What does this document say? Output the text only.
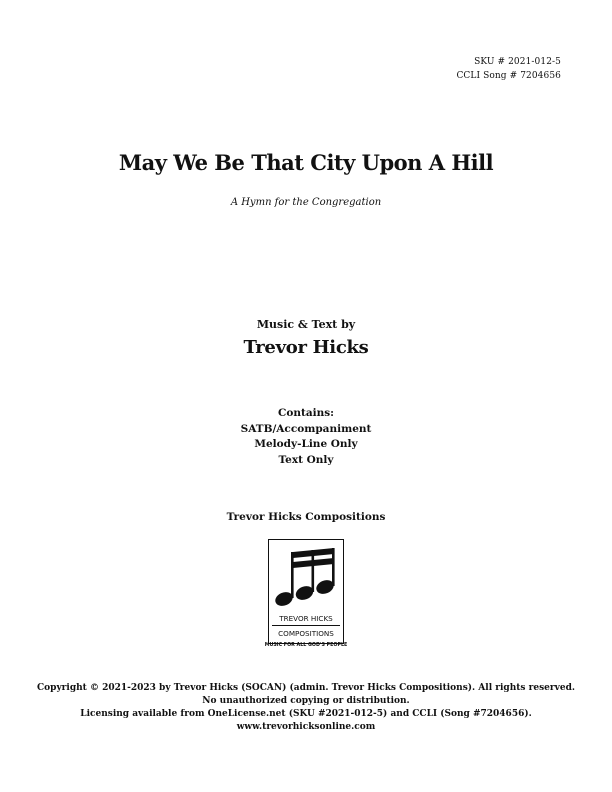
SKU # 2021-012-5
CCLI Song # 7204656
May We Be That City Upon A Hill
A Hymn for the Congregation
Music & Text by
Trevor Hicks
Contains:
SATB/Accompaniment
Melody-Line Only
Text Only
Trevor Hicks Compositions
TREVOR HICKS
COMPOSITIONS
MUSIC FOR ALL GOD'S PEOPLE
Copyright © 2021-2023 by Trevor Hicks (SOCAN) (admin. Trevor Hicks Compositions). All rights reserved.
No unauthorized copying or distribution.
Licensing available from OneLicense.net (SKU #2021-012-5) and CCLI (Song #7204656).
www.trevorhicksonline.com
